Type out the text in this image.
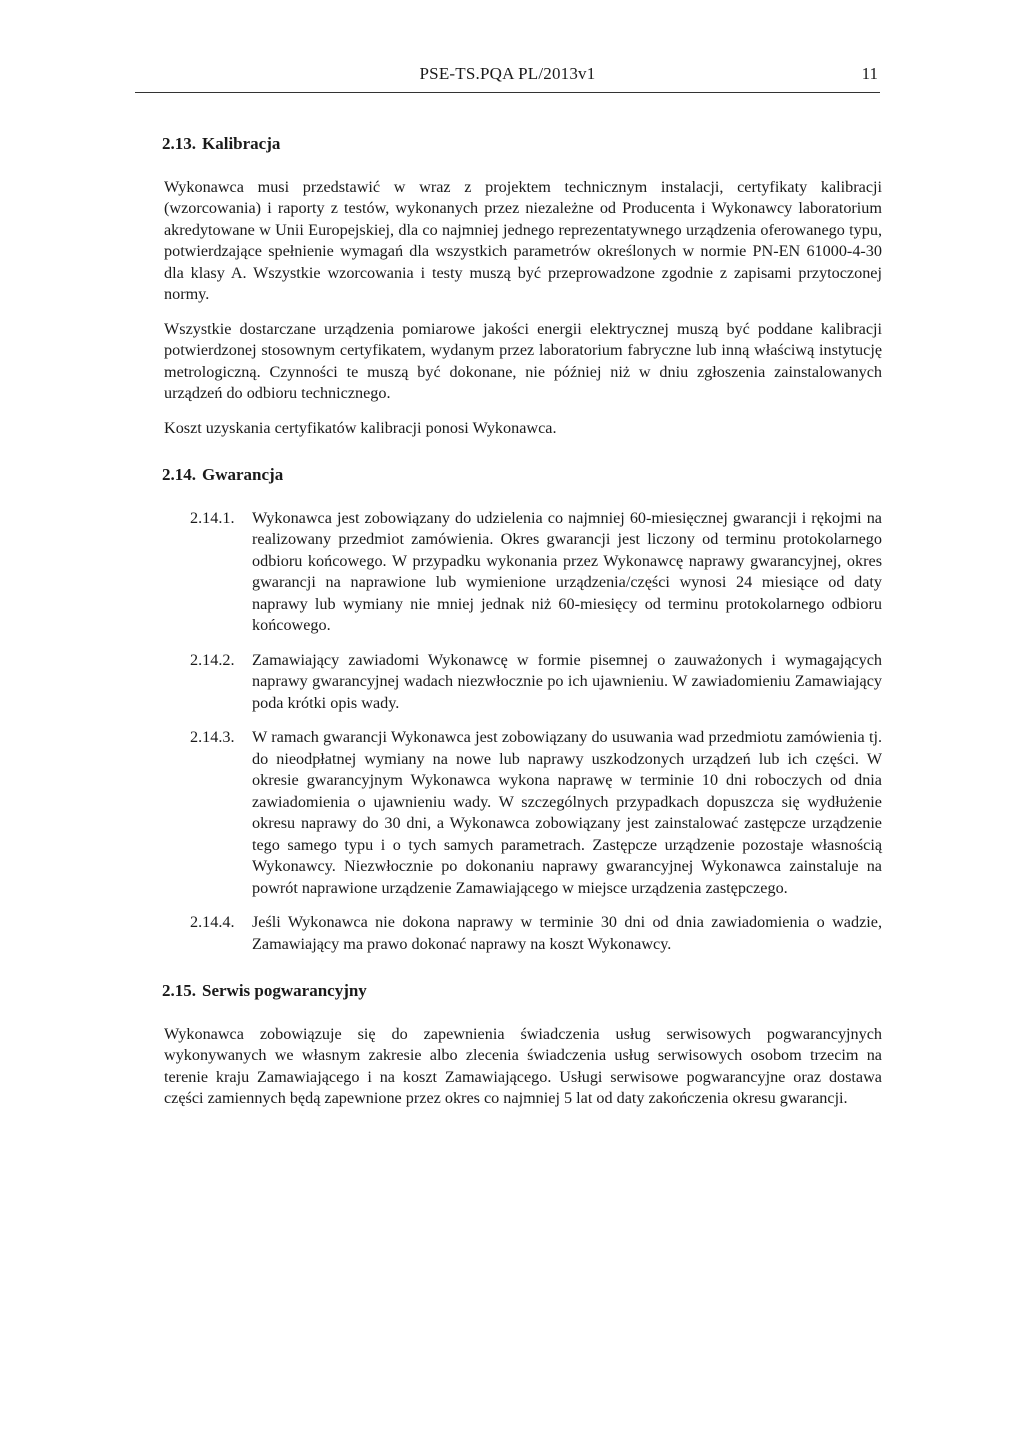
PSE-TS.PQA PL/2013v1	11
2.13. Kalibracja

Wykonawca musi przedstawić w wraz z projektem technicznym instalacji, certyfikaty kalibracji (wzorcowania) i raporty z testów, wykonanych przez niezależne od Producenta i Wykonawcy laboratorium akredytowane w Unii Europejskiej, dla co najmniej jednego reprezentatywnego urządzenia oferowanego typu, potwierdzające spełnienie wymagań dla wszystkich parametrów określonych w normie PN-EN 61000-4-30 dla klasy A. Wszystkie wzorcowania i testy muszą być przeprowadzone zgodnie z zapisami przytoczonej normy.

Wszystkie dostarczane urządzenia pomiarowe jakości energii elektrycznej muszą być poddane kalibracji potwierdzonej stosownym certyfikatem, wydanym przez laboratorium fabryczne lub inną właściwą instytucję metrologiczną. Czynności te muszą być dokonane, nie później niż w dniu zgłoszenia zainstalowanych urządzeń do odbioru technicznego.

Koszt uzyskania certyfikatów kalibracji ponosi Wykonawca.

2.14. Gwarancja
2.14.1. Wykonawca jest zobowiązany do udzielenia co najmniej 60-miesięcznej gwarancji i rękojmi na realizowany przedmiot zamówienia. Okres gwarancji jest liczony od terminu protokolarnego odbioru końcowego. W przypadku wykonania przez Wykonawcę naprawy gwarancyjnej, okres gwarancji na naprawione lub wymienione urządzenia/części wynosi 24 miesiące od daty naprawy lub wymiany nie mniej jednak niż 60-miesięcy od terminu protokolarnego odbioru końcowego.
2.14.2. Zamawiający zawiadomi Wykonawcę w formie pisemnej o zauważonych i wymagających naprawy gwarancyjnej wadach niezwłocznie po ich ujawnieniu. W zawiadomieniu Zamawiający poda krótki opis wady.
2.14.3. W ramach gwarancji Wykonawca jest zobowiązany do usuwania wad przedmiotu zamówienia tj. do nieodpłatnej wymiany na nowe lub naprawy uszkodzonych urządzeń lub ich części. W okresie gwarancyjnym Wykonawca wykona naprawę w terminie 10 dni roboczych od dnia zawiadomienia o ujawnieniu wady. W szczególnych przypadkach dopuszcza się wydłużenie okresu naprawy do 30 dni, a Wykonawca zobowiązany jest zainstalować zastępcze urządzenie tego samego typu i o tych samych parametrach. Zastępcze urządzenie pozostaje własnością Wykonawcy. Niezwłocznie po dokonaniu naprawy gwarancyjnej Wykonawca zainstaluje na powrót naprawione urządzenie Zamawiającego w miejsce urządzenia zastępczego.
2.14.4. Jeśli Wykonawca nie dokona naprawy w terminie 30 dni od dnia zawiadomienia o wadzie, Zamawiający ma prawo dokonać naprawy na koszt Wykonawcy.
2.15. Serwis pogwarancyjny

Wykonawca zobowiązuje się do zapewnienia świadczenia usług serwisowych pogwarancyjnych wykonywanych we własnym zakresie albo zlecenia świadczenia usług serwisowych osobom trzecim na terenie kraju Zamawiającego i na koszt Zamawiającego. Usługi serwisowe pogwarancyjne oraz dostawa części zamiennych będą zapewnione przez okres co najmniej 5 lat od daty zakończenia okresu gwarancji.
